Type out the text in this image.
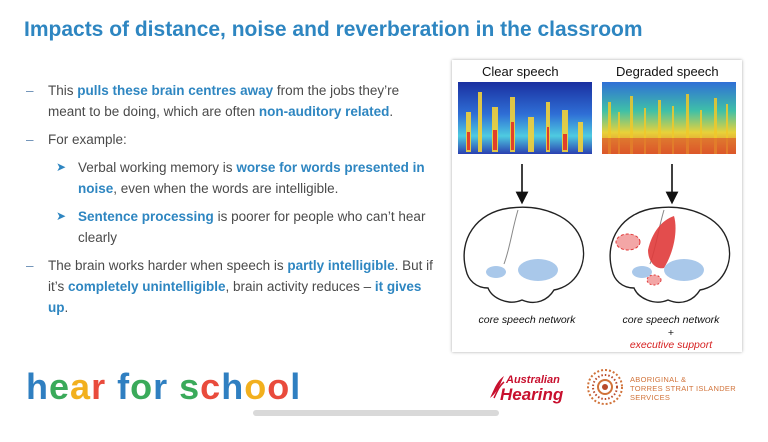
Impacts of distance, noise and reverberation in the classroom
– This pulls these brain centres away from the jobs they’re meant to be doing, which are often non-auditory related.
– For example:
➤ Verbal working memory is worse for words presented in noise, even when the words are intelligible.
➤ Sentence processing is poorer for people who can’t hear clearly
– The brain works harder when speech is partly intelligible. But if it’s completely unintelligible, brain activity reduces – it gives up.
Clear speech	Degraded speech
core speech network	core speech network
+
executive support
hear for school	Australian
Hearing
ABORIGINAL &
TORRES STRAIT ISLANDER
SERVICES
